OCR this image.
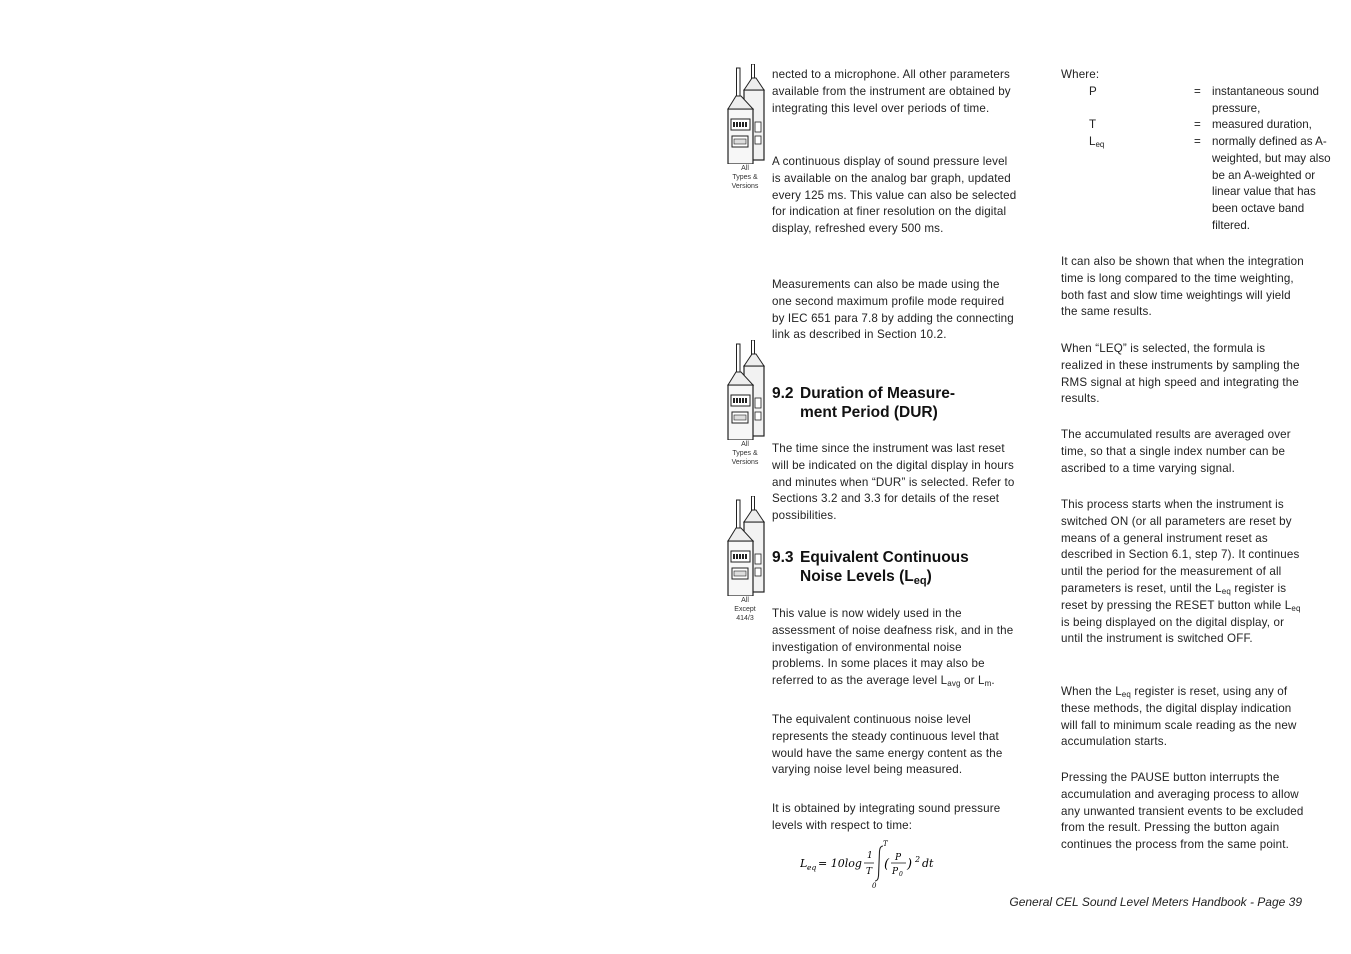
All
Types &
Versions
All
Types &
Versions
All
Except
414/3

nected to a microphone. All other parameters available from the instrument are obtained by integrating this level over periods of time.

A continuous display of sound pressure level is available on the analog bar graph, updated every 125 ms. This value can also be selected for indication at finer resolution on the digital display, refreshed every 500 ms.

Measurements can also be made using the one second maximum profile mode required by IEC 651 para 7.8 by adding the connecting link as described in Section 10.2.

9.2 Duration of Measure-
ment Period (DUR)

The time since the instrument was last reset will be indicated on the digital display in hours and minutes when “DUR” is selected. Refer to Sections 3.2 and 3.3 for details of the reset possibilities.

9.3 Equivalent Continuous
Noise Levels $(L_{eq})$

This value is now widely used in the assessment of noise deafness risk, and in the investigation of environmental noise problems. In some places it may also be referred to as the average level $L_{avg}$ or $L_m$.

The equivalent continuous noise level represents the steady continuous level that would have the same energy content as the varying noise level being measured.

It is obtained by integrating sound pressure levels with respect to time:

L eq = 10log
1
T
T
0
( P
P 0
) 2 dt

Where:

P	= instantaneous sound pressure,
T	= measured duration,
$L_{eq}$	= normally defined as A-weighted, but may also be an A-weighted or linear value that has been octave band filtered.

It can also be shown that when the integration time is long compared to the time weighting, both fast and slow time weightings will yield the same results.

When “LEQ” is selected, the formula is realized in these instruments by sampling the RMS signal at high speed and integrating the results.

The accumulated results are averaged over time, so that a single index number can be ascribed to a time varying signal.

This process starts when the instrument is switched ON (or all parameters are reset by means of a general instrument reset as described in Section 6.1, step 7). It continues until the period for the measurement of all parameters is reset, until the $L_{eq}$ register is reset by pressing the RESET button while $L_{eq}$ is being displayed on the digital display, or until the instrument is switched OFF.

When the $L_{eq}$ register is reset, using any of these methods, the digital display indication will fall to minimum scale reading as the new accumulation starts.

Pressing the PAUSE button interrupts the accumulation and averaging process to allow any unwanted transient events to be excluded from the result. Pressing the button again continues the process from the same point.

General CEL Sound Level Meters Handbook - Page 39
